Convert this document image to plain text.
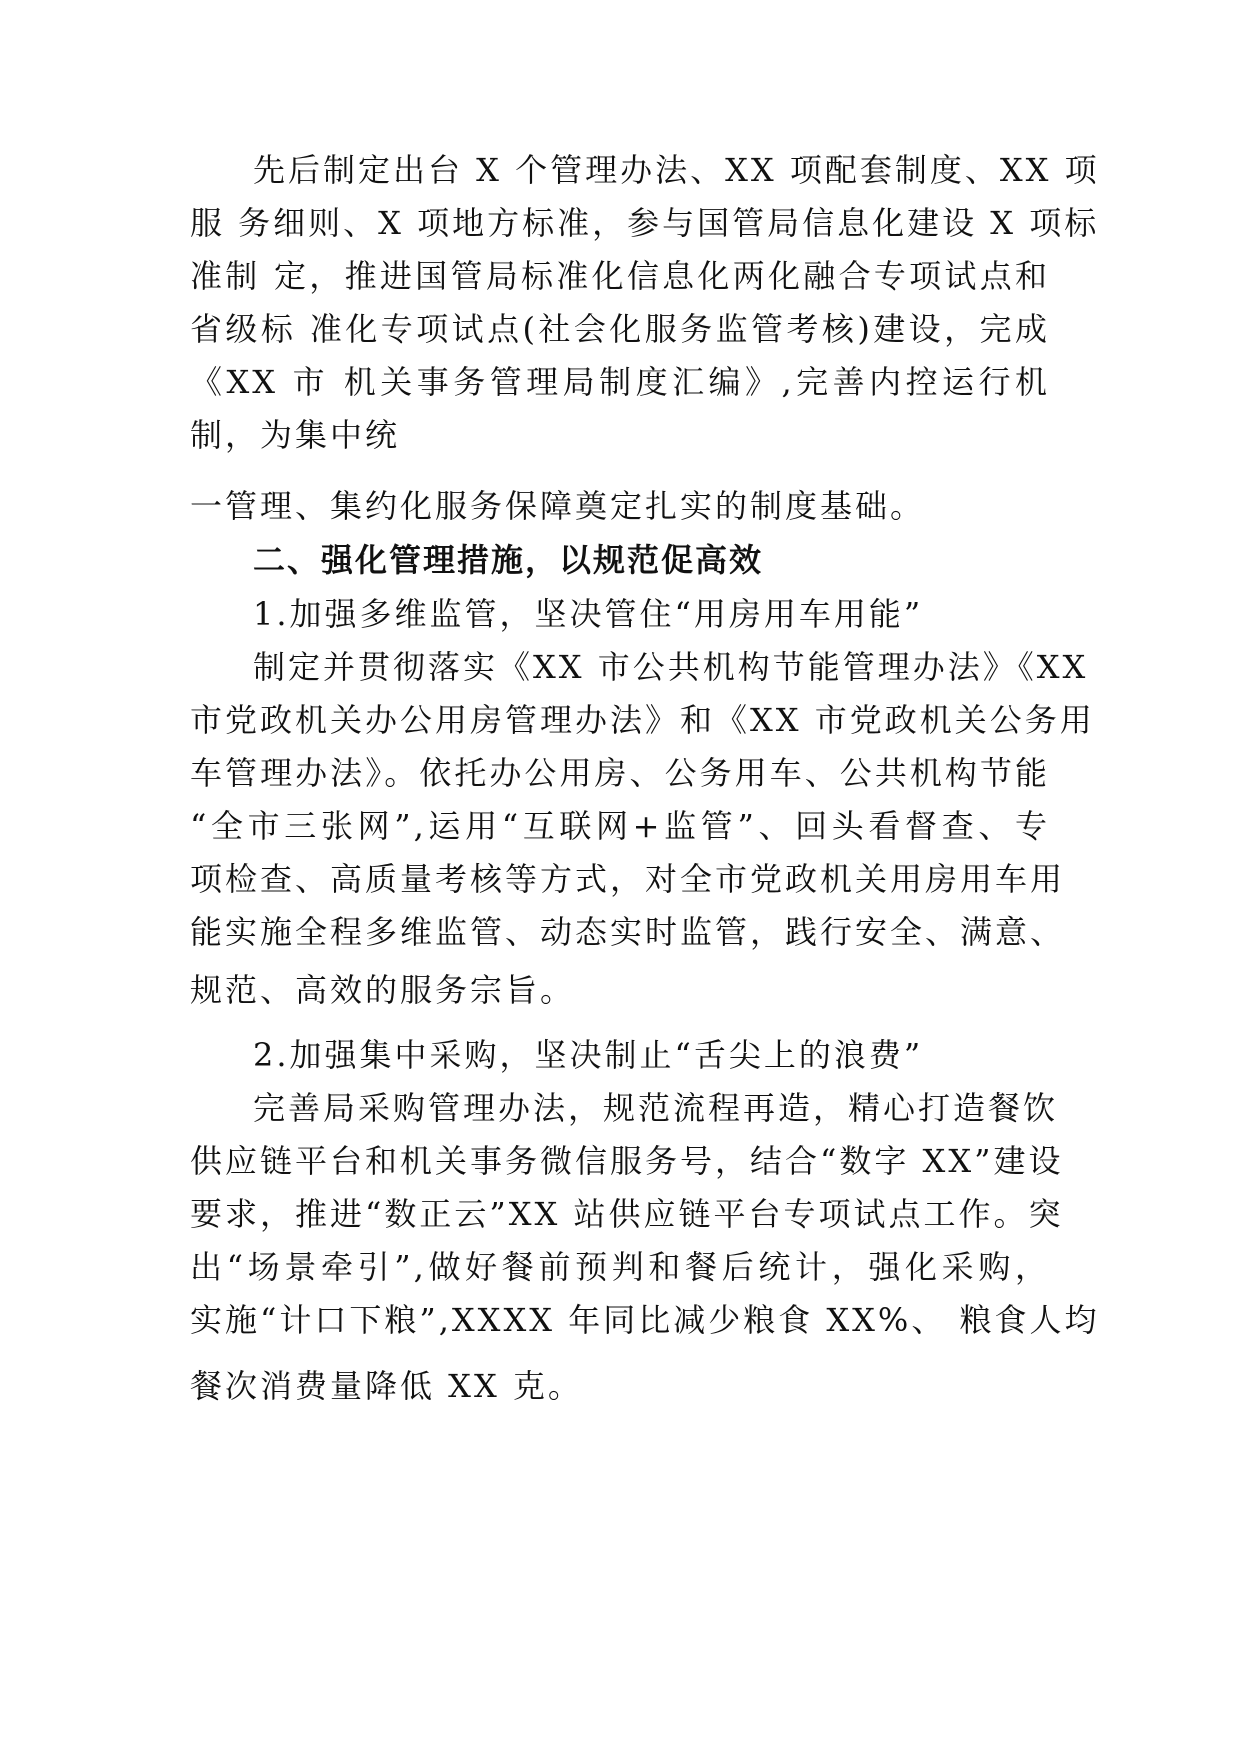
先后制定出台 X 个管理办法、XX 项配套制度、XX 项
服 务细则、X 项地方标准，参与国管局信息化建设 X 项标
准制 定，推进国管局标准化信息化两化融合专项试点和
省级标 准化专项试点(社会化服务监管考核)建设，完成
《XX 市 机关事务管理局制度汇编》,完善内控运行机
制，为集中统
一管理、集约化服务保障奠定扎实的制度基础。
二、强化管理措施，以规范促高效
1.加强多维监管，坚决管住“用房用车用能”
制定并贯彻落实《XX 市公共机构节能管理办法》《XX
市党政机关办公用房管理办法》和《XX 市党政机关公务用
车管理办法》。依托办公用房、公务用车、公共机构节能
“全市三张网”,运用“互联网+监管”、回头看督查、专
项检查、高质量考核等方式，对全市党政机关用房用车用
能实施全程多维监管、动态实时监管，践行安全、满意、
规范、高效的服务宗旨。
2.加强集中采购，坚决制止“舌尖上的浪费”
完善局采购管理办法，规范流程再造，精心打造餐饮
供应链平台和机关事务微信服务号，结合“数字 XX”建设
要求，推进“数正云”XX 站供应链平台专项试点工作。突
出“场景牵引”,做好餐前预判和餐后统计，强化采购，
实施“计口下粮”,XXXX 年同比减少粮食 XX%、 粮食人均
餐次消费量降低 XX 克。
